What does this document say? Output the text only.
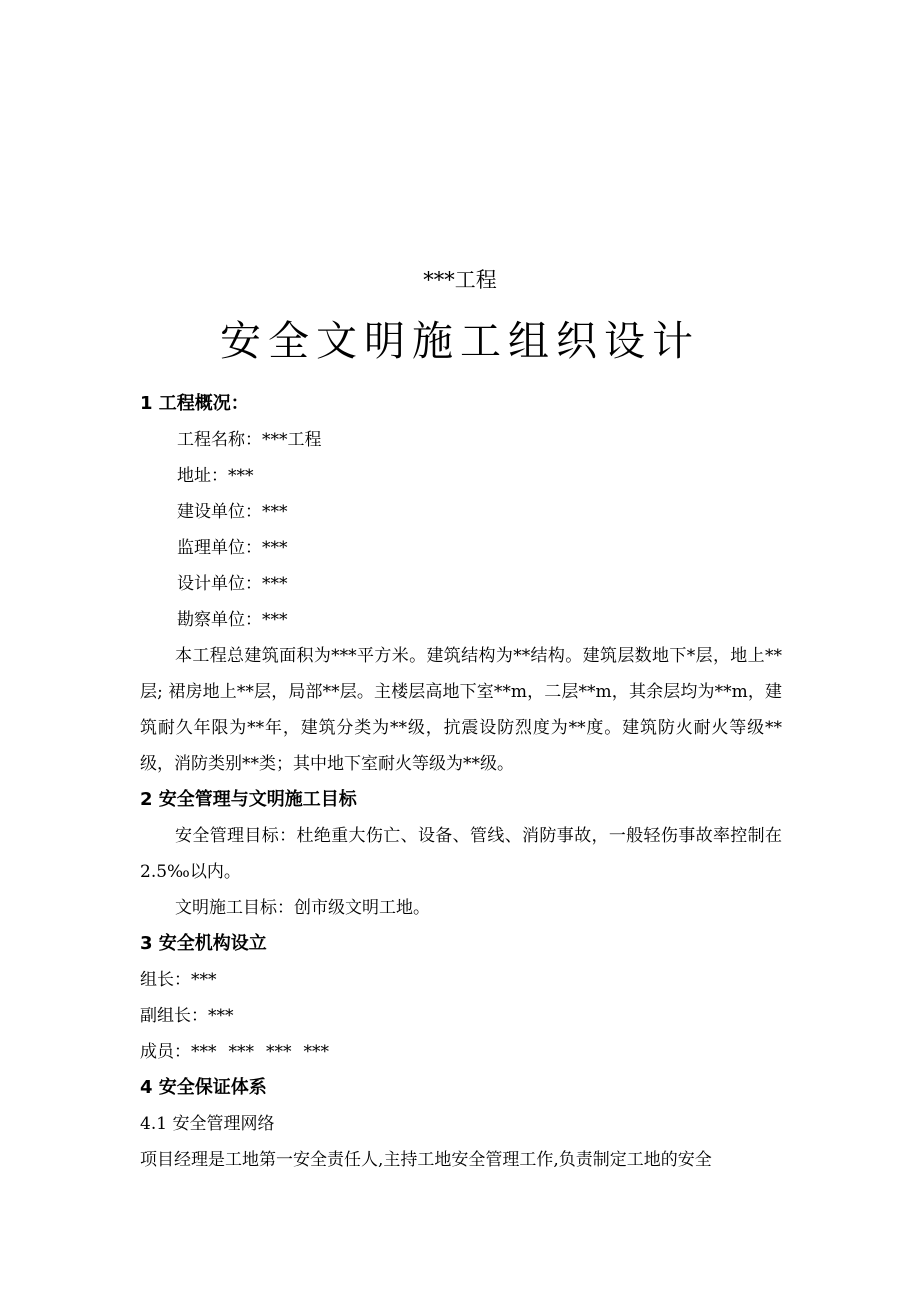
***工程
安全文明施工组织设计
1 工程概况：
工程名称：***工程
地址：***
建设单位：***
监理单位：***
设计单位：***
勘察单位：***
本工程总建筑面积为***平方米。建筑结构为**结构。建筑层数地下*层，地上**层; 裙房地上**层，局部**层。主楼层高地下室**m，二层**m，其余层均为**m，建筑耐久年限为**年，建筑分类为**级，抗震设防烈度为**度。建筑防火耐火等级**级，消防类别**类；其中地下室耐火等级为**级。
2 安全管理与文明施工目标
安全管理目标：杜绝重大伤亡、设备、管线、消防事故，一般轻伤事故率控制在 2.5‰以内。
文明施工目标：创市级文明工地。
3 安全机构设立
组长：***
副组长：***
成员：*** *** *** ***
4 安全保证体系
4.1 安全管理网络
项目经理是工地第一安全责任人,主持工地安全管理工作,负责制定工地的安全
